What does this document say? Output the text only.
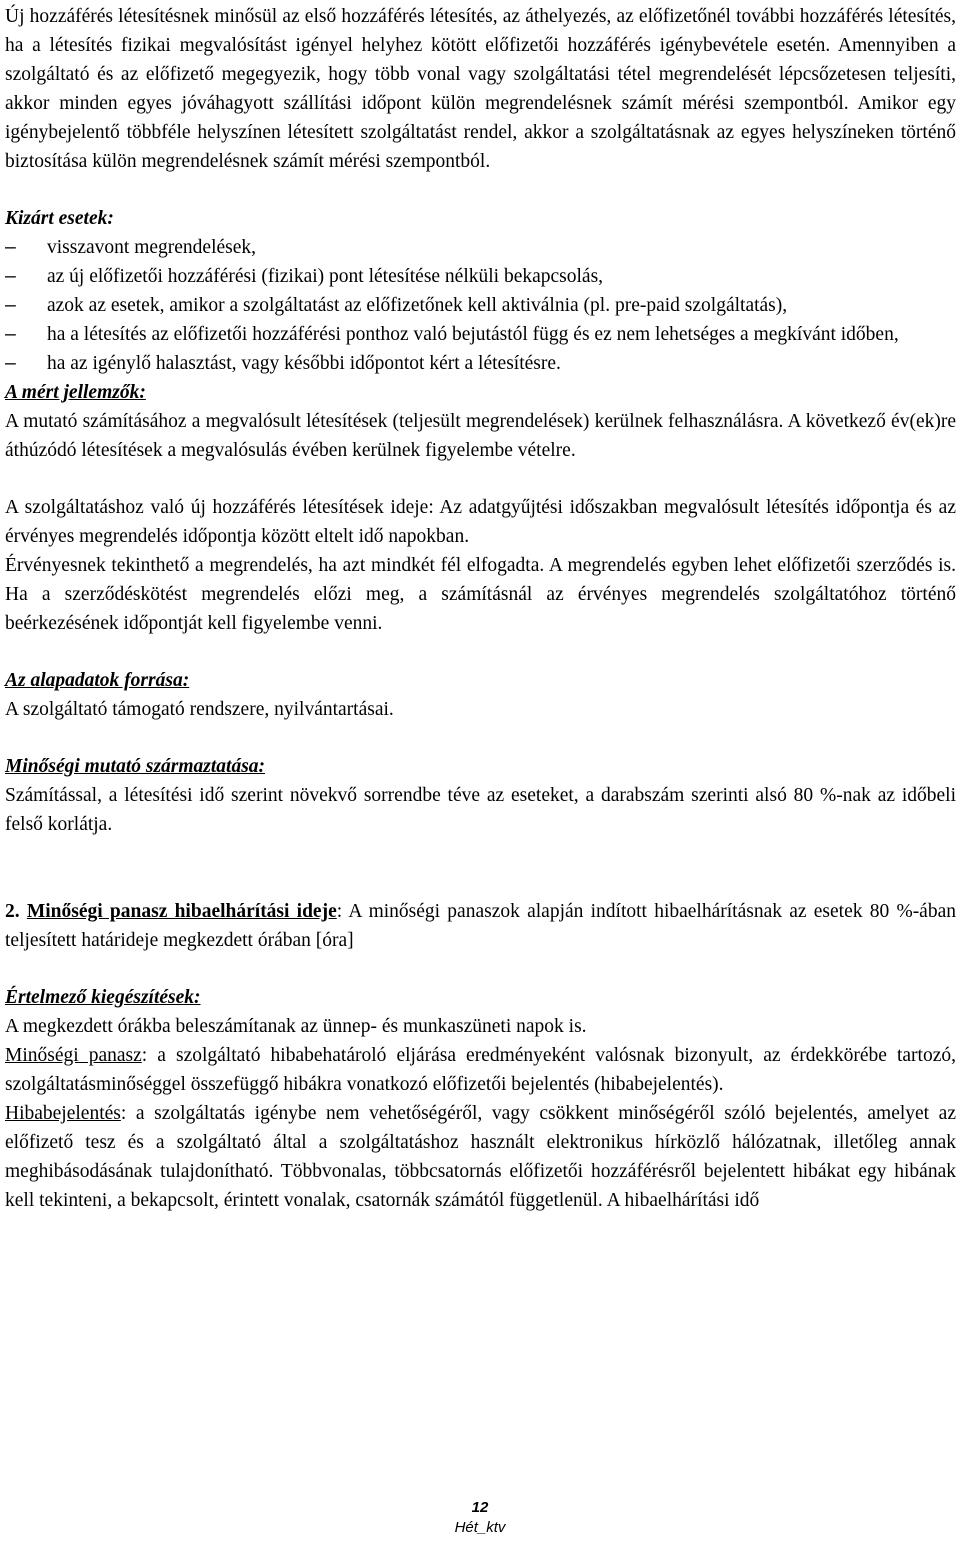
Új hozzáférés létesítésnek minősül az első hozzáférés létesítés, az áthelyezés, az előfizetőnél további hozzáférés létesítés, ha a létesítés fizikai megvalósítást igényel helyhez kötött előfizetői hozzáférés igénybevétele esetén. Amennyiben a szolgáltató és az előfizető megegyezik, hogy több vonal vagy szolgáltatási tétel megrendelését lépcsőzetesen teljesíti, akkor minden egyes jóváhagyott szállítási időpont külön megrendelésnek számít mérési szempontból. Amikor egy igénybejelentő többféle helyszínen létesített szolgáltatást rendel, akkor a szolgáltatásnak az egyes helyszíneken történő biztosítása külön megrendelésnek számít mérési szempontból.

Kizárt esetek:

– visszavont megrendelések,
– az új előfizetői hozzáférési (fizikai) pont létesítése nélküli bekapcsolás,
– azok az esetek, amikor a szolgáltatást az előfizetőnek kell aktiválnia (pl. pre-paid szolgáltatás),
– ha a létesítés az előfizetői hozzáférési ponthoz való bejutástól függ és ez nem lehetséges a megkívánt időben,
– ha az igénylő halasztást, vagy későbbi időpontot kért a létesítésre.

A mért jellemzők:

A mutató számításához a megvalósult létesítések (teljesült megrendelések) kerülnek felhasználásra. A következő év(ek)re áthúzódó létesítések a megvalósulás évében kerülnek figyelembe vételre.

A szolgáltatáshoz való új hozzáférés létesítések ideje: Az adatgyűjtési időszakban megvalósult létesítés időpontja és az érvényes megrendelés időpontja között eltelt idő napokban.

Érvényesnek tekinthető a megrendelés, ha azt mindkét fél elfogadta. A megrendelés egyben lehet előfizetői szerződés is. Ha a szerződéskötést megrendelés előzi meg, a számításnál az érvényes megrendelés szolgáltatóhoz történő beérkezésének időpontját kell figyelembe venni.

Az alapadatok forrása:

A szolgáltató támogató rendszere, nyilvántartásai.

Minőségi mutató származtatása:

Számítással, a létesítési idő szerint növekvő sorrendbe téve az eseteket, a darabszám szerinti alsó 80 %-nak az időbeli felső korlátja.

2. Minőségi panasz hibaelhárítási ideje: A minőségi panaszok alapján indított hibaelhárításnak az esetek 80 %-ában teljesített határideje megkezdett órában [óra]

Értelmező kiegészítések:

A megkezdett órákba beleszámítanak az ünnep- és munkaszüneti napok is.

Minőségi panasz: a szolgáltató hibabehatároló eljárása eredményeként valósnak bizonyult, az érdekkörébe tartozó, szolgáltatásminőséggel összefüggő hibákra vonatkozó előfizetői bejelentés (hibabejelentés).

Hibabejelentés: a szolgáltatás igénybe nem vehetőségéről, vagy csökkent minőségéről szóló bejelentés, amelyet az előfizető tesz és a szolgáltató által a szolgáltatáshoz használt elektronikus hírközlő hálózatnak, illetőleg annak meghibásodásának tulajdonítható. Többvonalas, többcsatornás előfizetői hozzáférésről bejelentett hibákat egy hibának kell tekinteni, a bekapcsolt, érintett vonalak, csatornák számától függetlenül. A hibaelhárítási idő

12
Hét_ktv
